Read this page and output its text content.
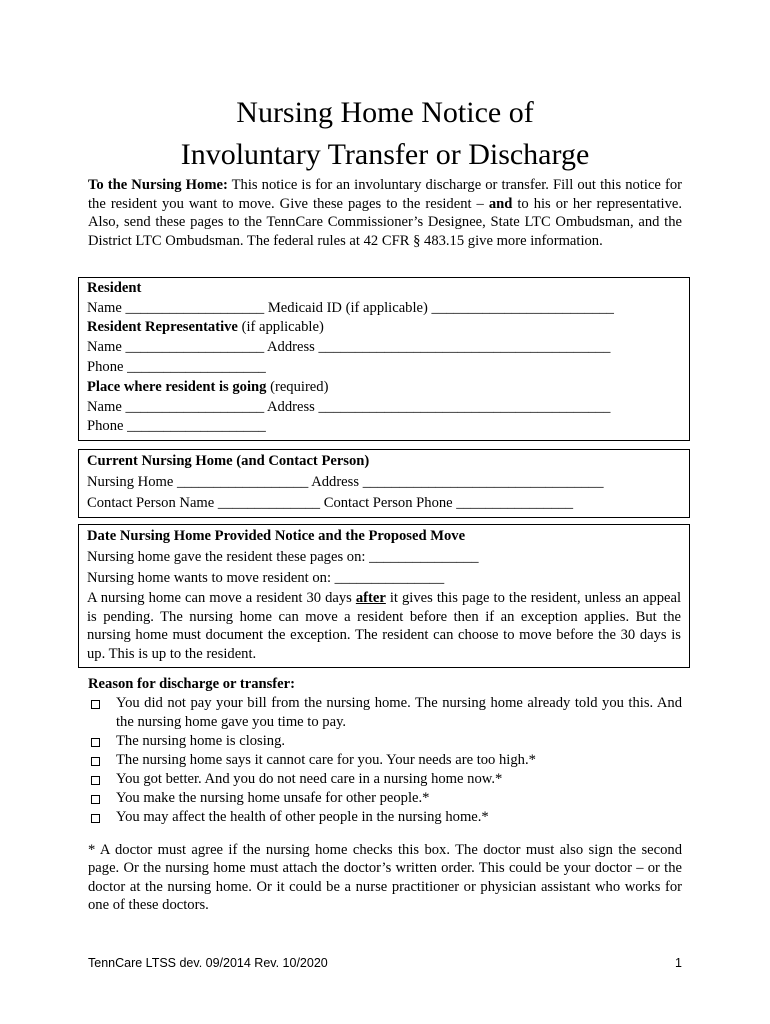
Nursing Home Notice of
Involuntary Transfer or Discharge

To the Nursing Home: This notice is for an involuntary discharge or transfer. Fill out this notice for the resident you want to move. Give these pages to the resident – and to his or her representative. Also, send these pages to the TennCare Commissioner’s Designee, State LTC Ombudsman, and the District LTC Ombudsman. The federal rules at 42 CFR § 483.15 give more information.

Resident
Name ___________________ Medicaid ID (if applicable) _________________________
Resident Representative (if applicable)
Name ___________________ Address ________________________________________
Phone ___________________
Place where resident is going (required)
Name ___________________ Address ________________________________________
Phone ___________________
Current Nursing Home (and Contact Person)
Nursing Home __________________ Address _________________________________
Contact Person Name ______________ Contact Person Phone ________________
Date Nursing Home Provided Notice and the Proposed Move
Nursing home gave the resident these pages on: _______________
Nursing home wants to move resident on: _______________

A nursing home can move a resident 30 days after it gives this page to the resident, unless an appeal is pending. The nursing home can move a resident before then if an exception applies. But the nursing home must document the exception. The resident can choose to move before the 30 days is up. This is up to the resident.

Reason for discharge or transfer:

You did not pay your bill from the nursing home. The nursing home already told you this. And the nursing home gave you time to pay.
The nursing home is closing.
The nursing home says it cannot care for you. Your needs are too high.*
You got better. And you do not need care in a nursing home now.*
You make the nursing home unsafe for other people.*
You may affect the health of other people in the nursing home.*

* A doctor must agree if the nursing home checks this box. The doctor must also sign the second page. Or the nursing home must attach the doctor’s written order. This could be your doctor – or the doctor at the nursing home. Or it could be a nurse practitioner or physician assistant who works for one of these doctors.

TennCare LTSS dev. 09/2014 Rev. 10/2020	1
